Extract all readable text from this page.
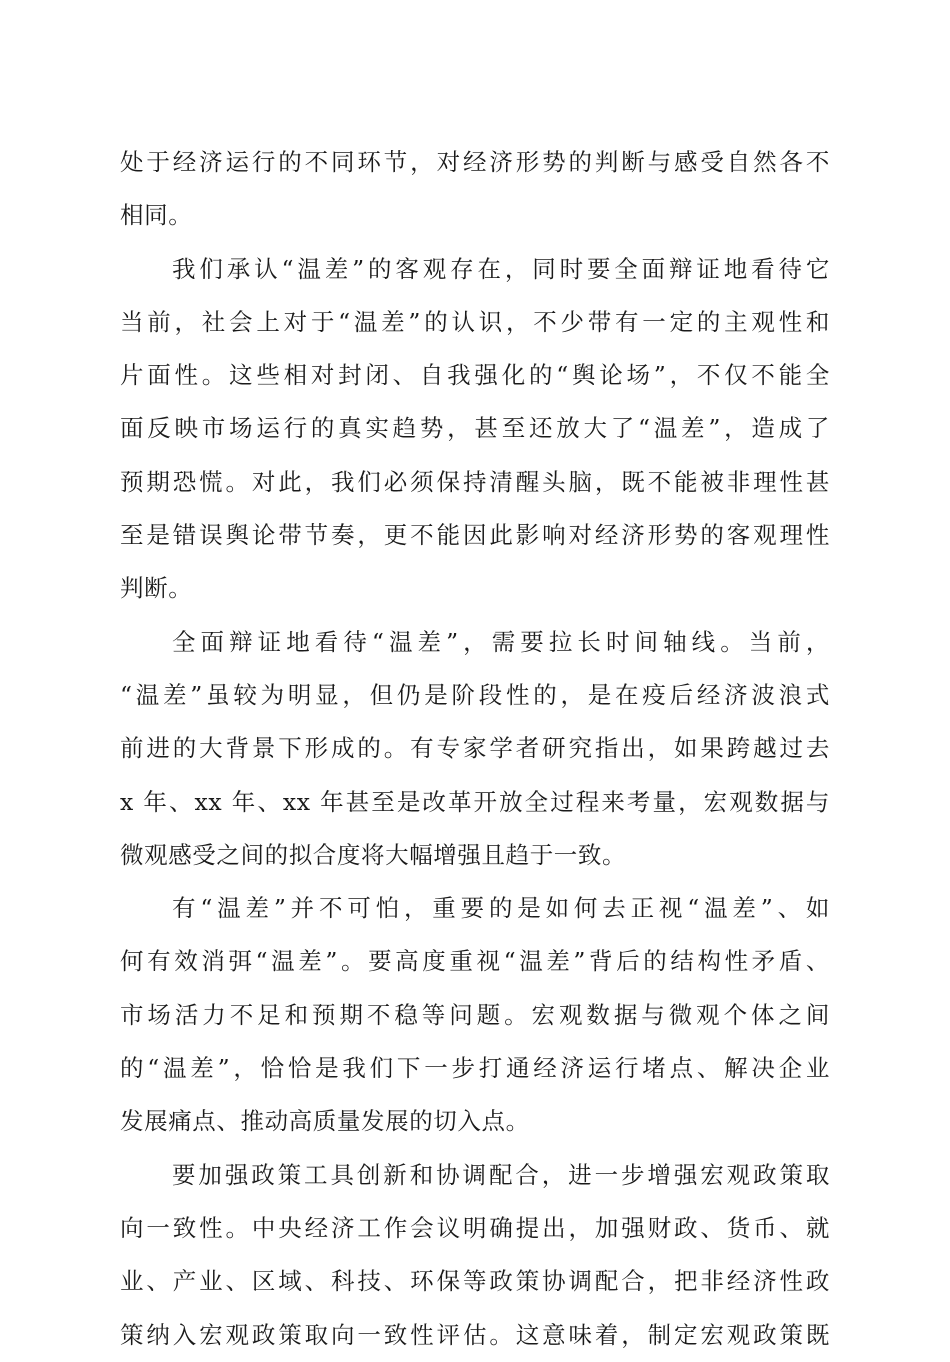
处于经济运行的不同环节，对经济形势的判断与感受自然各不
相同。
我们承认“温差”的客观存在，同时要全面辩证地看待它
当前，社会上对于“温差”的认识，不少带有一定的主观性和
片面性。这些相对封闭、自我强化的“舆论场”，不仅不能全
面反映市场运行的真实趋势，甚至还放大了“温差”，造成了
预期恐慌。对此，我们必须保持清醒头脑，既不能被非理性甚
至是错误舆论带节奏，更不能因此影响对经济形势的客观理性
判断。
全面辩证地看待“温差”，需要拉长时间轴线。当前，
“温差”虽较为明显，但仍是阶段性的，是在疫后经济波浪式
前进的大背景下形成的。有专家学者研究指出，如果跨越过去
x 年、xx 年、xx 年甚至是改革开放全过程来考量，宏观数据与
微观感受之间的拟合度将大幅增强且趋于一致。
有“温差”并不可怕，重要的是如何去正视“温差”、如
何有效消弭“温差”。要高度重视“温差”背后的结构性矛盾、
市场活力不足和预期不稳等问题。宏观数据与微观个体之间
的“温差”，恰恰是我们下一步打通经济运行堵点、解决企业
发展痛点、推动高质量发展的切入点。
要加强政策工具创新和协调配合，进一步增强宏观政策取
向一致性。中央经济工作会议明确提出，加强财政、货币、就
业、产业、区域、科技、环保等政策协调配合，把非经济性政
策纳入宏观政策取向一致性评估。这意味着，制定宏观政策既
